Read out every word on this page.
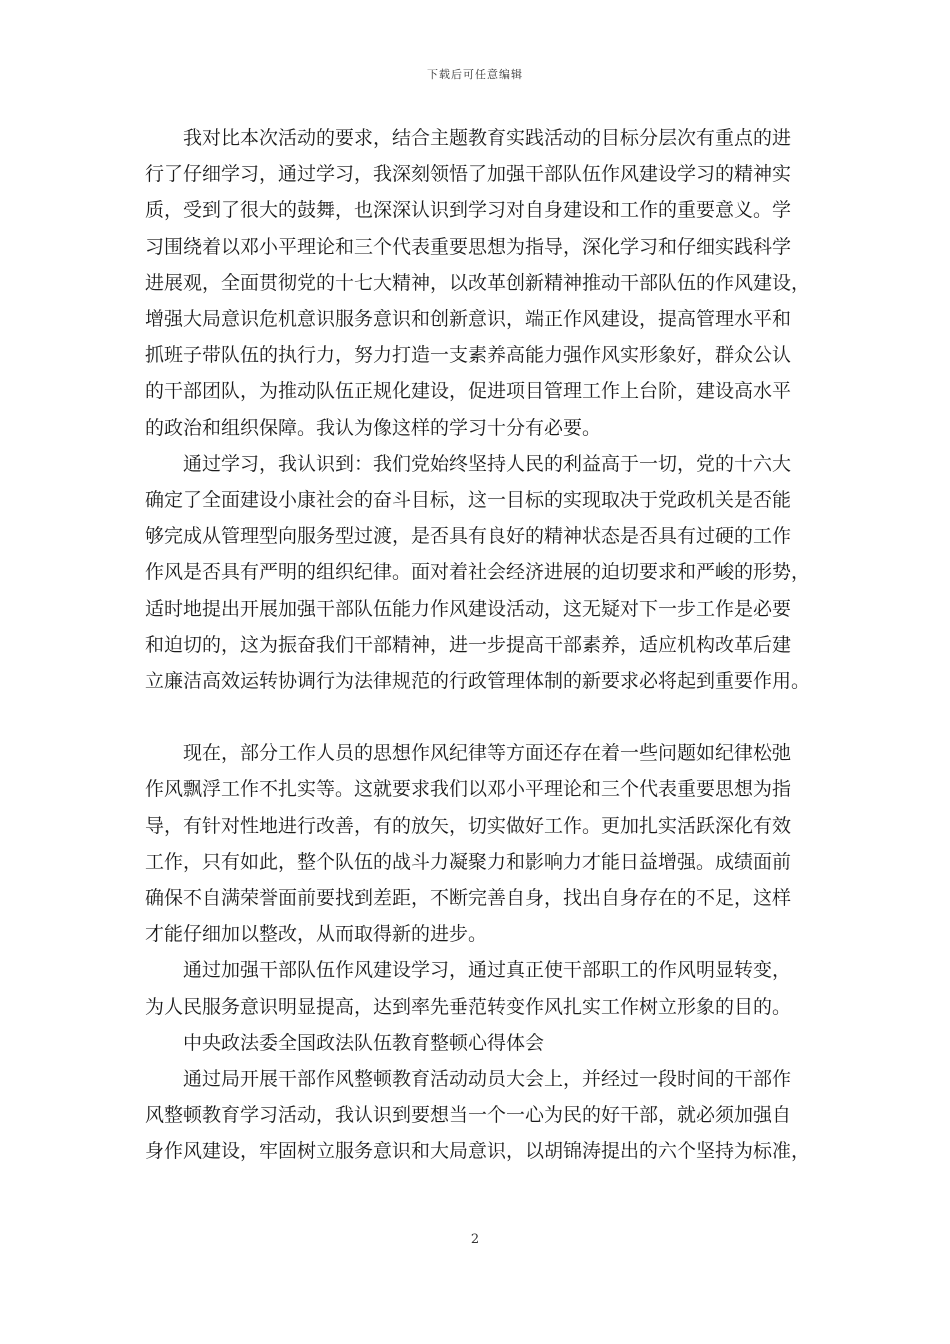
下载后可任意编辑

我对比本次活动的要求，结合主题教育实践活动的目标分层次有重点的进
行了仔细学习，通过学习，我深刻领悟了加强干部队伍作风建设学习的精神实
质，受到了很大的鼓舞，也深深认识到学习对自身建设和工作的重要意义。学
习围绕着以邓小平理论和三个代表重要思想为指导，深化学习和仔细实践科学
进展观，全面贯彻党的十七大精神，以改革创新精神推动干部队伍的作风建设，
增强大局意识危机意识服务意识和创新意识，端正作风建设，提高管理水平和
抓班子带队伍的执行力，努力打造一支素养高能力强作风实形象好，群众公认
的干部团队，为推动队伍正规化建设，促进项目管理工作上台阶，建设高水平
的政治和组织保障。我认为像这样的学习十分有必要。

通过学习，我认识到：我们党始终坚持人民的利益高于一切，党的十六大
确定了全面建设小康社会的奋斗目标，这一目标的实现取决于党政机关是否能
够完成从管理型向服务型过渡，是否具有良好的精神状态是否具有过硬的工作
作风是否具有严明的组织纪律。面对着社会经济进展的迫切要求和严峻的形势，
适时地提出开展加强干部队伍能力作风建设活动，这无疑对下一步工作是必要
和迫切的，这为振奋我们干部精神，进一步提高干部素养，适应机构改革后建
立廉洁高效运转协调行为法律规范的行政管理体制的新要求必将起到重要作用。

现在，部分工作人员的思想作风纪律等方面还存在着一些问题如纪律松弛
作风飘浮工作不扎实等。这就要求我们以邓小平理论和三个代表重要思想为指
导，有针对性地进行改善，有的放矢，切实做好工作。更加扎实活跃深化有效
工作，只有如此，整个队伍的战斗力凝聚力和影响力才能日益增强。成绩面前
确保不自满荣誉面前要找到差距，不断完善自身，找出自身存在的不足，这样
才能仔细加以整改，从而取得新的进步。

通过加强干部队伍作风建设学习，通过真正使干部职工的作风明显转变，
为人民服务意识明显提高，达到率先垂范转变作风扎实工作树立形象的目的。

中央政法委全国政法队伍教育整顿心得体会

通过局开展干部作风整顿教育活动动员大会上，并经过一段时间的干部作
风整顿教育学习活动，我认识到要想当一个一心为民的好干部，就必须加强自
身作风建设，牢固树立服务意识和大局意识，以胡锦涛提出的六个坚持为标准，

2
